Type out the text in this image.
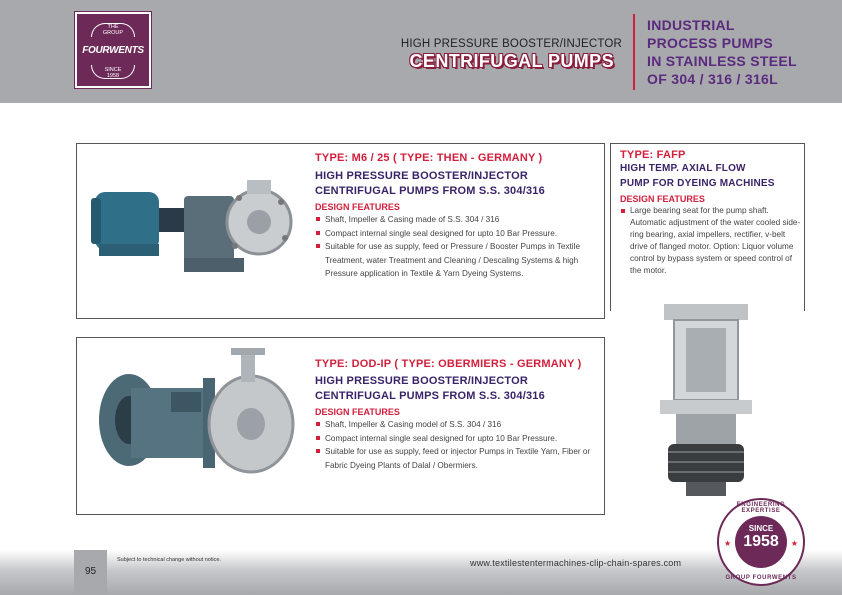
THE
GROUP
FOURWENTS
SINCE
1958
HIGH PRESSURE BOOSTER/INJECTOR
CENTRIFUGAL PUMPS
INDUSTRIAL
PROCESS PUMPS
IN STAINLESS STEEL
OF 304 / 316 / 316L
TYPE: M6 / 25 ( TYPE: THEN - GERMANY )
HIGH PRESSURE BOOSTER/INJECTOR
CENTRIFUGAL PUMPS FROM S.S. 304/316
DESIGN FEATURES
Shaft, Impeller & Casing made of S.S. 304 / 316
Compact internal single seal designed for upto 10 Bar Pressure.
Suitable for use as supply, feed or Pressure / Booster Pumps in Textile Treatment, water Treatment and Cleaning / Descaling Systems & high Pressure application in Textile & Yarn Dyeing Systems.
TYPE: DOD-IP ( TYPE: OBERMIERS - GERMANY )
HIGH PRESSURE BOOSTER/INJECTOR
CENTRIFUGAL PUMPS FROM S.S. 304/316
DESIGN FEATURES
Shaft, Impeller & Casing model of S.S. 304 / 316
Compact internal single seal designed for upto 10 Bar Pressure.
Suitable for use as supply, feed or injector Pumps in Textile Yarn, Fiber or Fabric Dyeing Plants of Dalal / Obermiers.
TYPE: FAFP
HIGH TEMP. AXIAL FLOW
PUMP FOR DYEING MACHINES
DESIGN FEATURES
Large bearing seat for the pump shaft. Automatic adjustment of the water cooled side-ring bearing, axial impellers, rectifier, v-belt drive of flanged motor. Option: Liquor volume control by bypass system or speed control of the motor.
95
Subject to technical change without notice.	www.textilestentermachines-clip-chain-spares.com
ENGINEERING EXPERTISE
★	★
SINCE
1958
GROUP FOURWENTS
